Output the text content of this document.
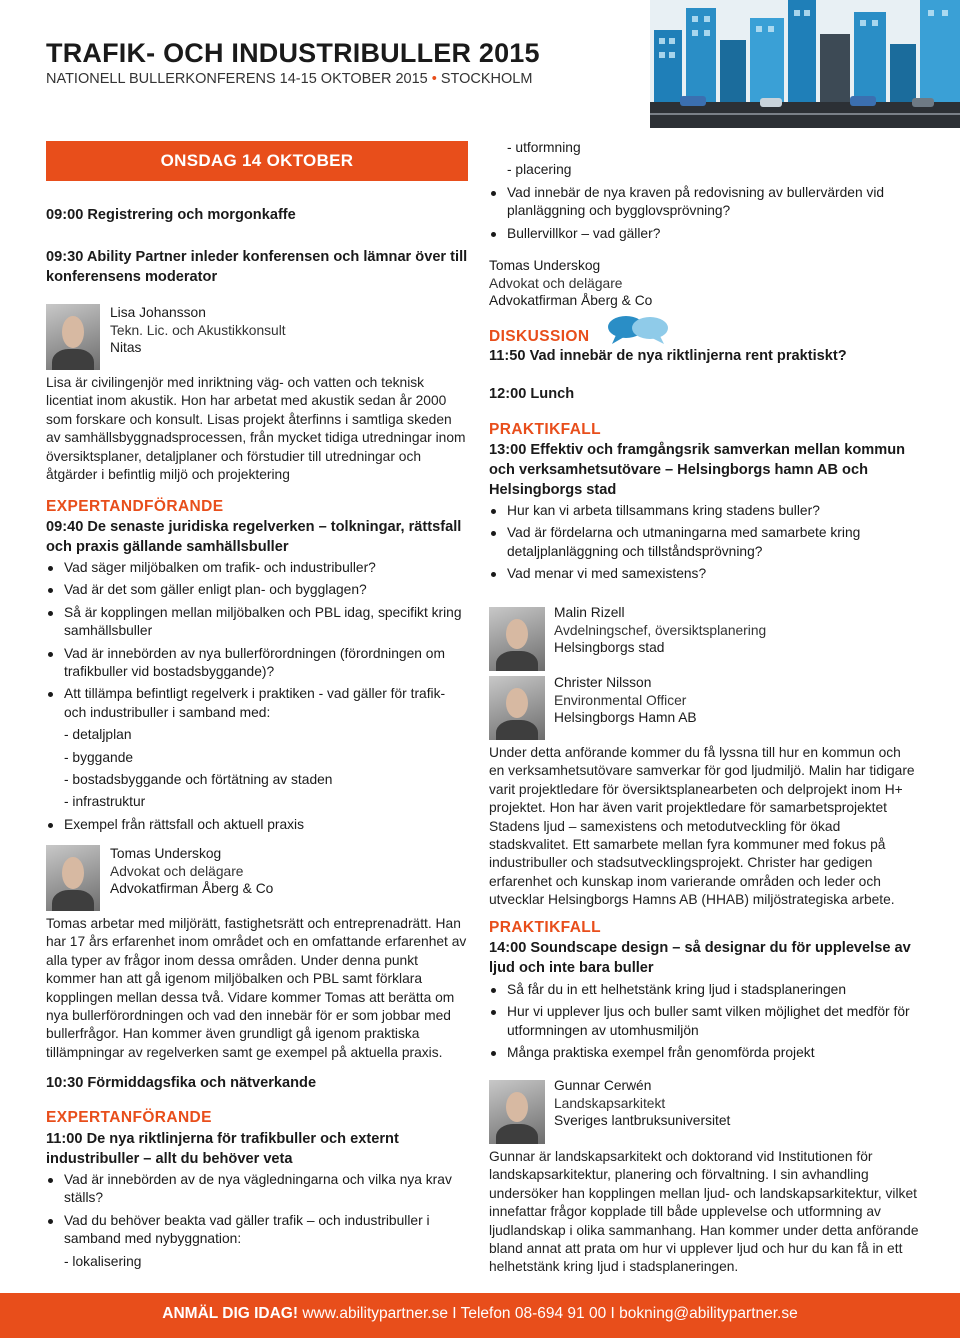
TRAFIK- OCH INDUSTRIBULLER 2015
NATIONELL BULLERKONFERENS 14-15 OKTOBER 2015 • STOCKHOLM
ONSDAG 14 OKTOBER
09:00 Registrering och morgonkaffe
09:30 Ability Partner inleder konferensen och lämnar över till konferensens moderator
Lisa Johansson
Tekn. Lic. och Akustikkonsult
Nitas
Lisa är civilingenjör med inriktning väg- och vatten och teknisk licentiat inom akustik. Hon har arbetat med akustik sedan år 2000 som forskare och konsult. Lisas projekt återfinns i samtliga skeden av samhällsbyggnadsprocessen, från mycket tidiga utredningar inom översiktsplaner, detaljplaner och förstudier till utredningar och åtgärder i befintlig miljö och projektering
EXPERTANDFÖRANDE
09:40 De senaste juridiska regelverken – tolkningar, rättsfall och praxis gällande samhällsbuller
Vad säger miljöbalken om trafik- och industribuller?
Vad är det som gäller enligt plan- och bygglagen?
Så är kopplingen mellan miljöbalken och PBL idag, specifikt kring samhällsbuller
Vad är innebörden av nya bullerförordningen (förordningen om trafikbuller vid bostadsbyggande)?
Att tillämpa befintligt regelverk i praktiken - vad gäller för trafik- och industribuller i samband med:
- detaljplan
- byggande
- bostadsbyggande och förtätning av staden
- infrastruktur
Exempel från rättsfall och aktuell praxis
Tomas Underskog
Advokat och delägare
Advokatfirman Åberg & Co
Tomas arbetar med miljörätt, fastighetsrätt och entreprenadrätt. Han har 17 års erfarenhet inom området och en omfattande erfarenhet av alla typer av frågor inom dessa områden. Under denna punkt kommer han att gå igenom miljöbalken och PBL samt förklara kopplingen mellan dessa två. Vidare kommer Tomas att berätta om nya bullerförordningen och vad den innebär för er som jobbar med bullerfrågor. Han kommer även grundligt gå igenom praktiska tillämpningar av regelverken samt ge exempel på aktuella praxis.
10:30 Förmiddagsfika och nätverkande
EXPERTANFÖRANDE
11:00 De nya riktlinjerna för trafikbuller och externt industribuller – allt du behöver veta
Vad är innebörden av de nya vägledningarna och vilka nya krav ställs?
Vad du behöver beakta vad gäller trafik – och industribuller i samband med nybyggnation:
- lokalisering
- utformning
- placering
Vad innebär de nya kraven på redovisning av bullervärden vid planläggning och bygglovsprövning?
Bullervillkor – vad gäller?
Tomas Underskog
Advokat och delägare
Advokatfirman Åberg & Co
DISKUSSION
11:50 Vad innebär de nya riktlinjerna rent praktiskt?
12:00 Lunch
PRAKTIKFALL
13:00 Effektiv och framgångsrik samverkan mellan kommun och verksamhetsutövare – Helsingborgs hamn AB och Helsingborgs stad
Hur kan vi arbeta tillsammans kring stadens buller?
Vad är fördelarna och utmaningarna med samarbete kring detaljplanläggning och tillståndsprövning?
Vad menar vi med samexistens?
Malin Rizell
Avdelningschef, översiktsplanering
Helsingborgs stad
Christer Nilsson
Environmental Officer
Helsingborgs Hamn AB
Under detta anförande kommer du få lyssna till hur en kommun och en verksamhetsutövare samverkar för god ljudmiljö. Malin har tidigare varit projektledare för översiktsplanearbeten och delprojekt inom H+ projektet. Hon har även varit projektledare för samarbetsprojektet Stadens ljud – samexistens och metodutveckling för ökad stadskvalitet. Ett samarbete mellan fyra kommuner med fokus på industribuller och stadsutvecklingsprojekt. Christer har gedigen erfarenhet och kunskap inom varierande områden och leder och utvecklar Helsingborgs Hamns AB (HHAB) miljöstrategiska arbete.
PRAKTIKFALL
14:00 Soundscape design – så designar du för upplevelse av ljud och inte bara buller
Så får du in ett helhetstänk kring ljud i stadsplaneringen
Hur vi upplever ljus och buller samt vilken möjlighet det medför för utformningen av utomhusmiljön
Många praktiska exempel från genomförda projekt
Gunnar Cerwén
Landskapsarkitekt
Sveriges lantbruksuniversitet
Gunnar är landskapsarkitekt och doktorand vid Institutionen för landskapsarkitektur, planering och förvaltning. I sin avhandling undersöker han kopplingen mellan ljud- och landskapsarkitektur, vilket innefattar frågor kopplade till både upplevelse och utformning av ljudlandskap i olika sammanhang. Han kommer under detta anförande bland annat att prata om hur vi upplever ljud och hur du kan få in ett helhetstänk kring ljud i stadsplaneringen.
ANMÄL DIG IDAG! www.abilitypartner.se I Telefon 08-694 91 00 I bokning@abilitypartner.se
